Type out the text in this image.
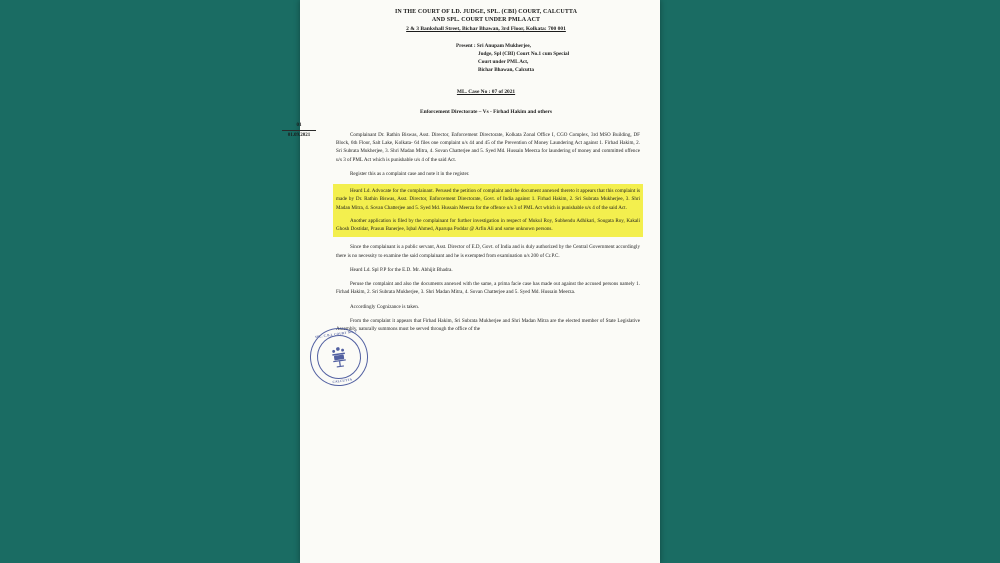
IN THE COURT OF LD. JUDGE, SPL. (CBI) COURT, CALCUTTA
AND SPL. COURT UNDER PMLA ACT
2 & 3 Bankshall Street, Bichar Bhawan, 3rd Floor, Kolkata: 700 001
Present : Sri Anupam Mukherjee,
Judge, Spl (CBI) Court No.1 cum Special
Court under PML Act,
Bichar Bhawan, Calcutta
ML. Case No : 07 of 2021
Enforcement Directorate – Vs - Firhad Hakim and others
01
01.09.2021	Complainant Dr. Rathin Biswas, Asst. Director, Enforcement Directorate, Kolkata Zonal Office I, CGO Complex, 3rd MSO Building, DF Block, 6th Floor, Salt Lake, Kolkata- 64 files one complaint u/s 44 and 45 of the Prevention of Money Laundering Act against 1. Firhad Hakim, 2. Sri Subrata Mukherjee, 3. Shri Madan Mitra, 4. Sovan Chatterjee and 5. Syed Md. Hussain Meerza for laundering of money and committed offence u/s 3 of PML Act which is punishable u/s 4 of the said Act.

Register this as a complaint case and note it in the register.

Heard Ld. Advocate for the complainant. Perused the petition of complaint and the document annexed thereto it appears that this complaint is made by Dr. Rathin Biswas, Asst. Director, Enforcement Directorate, Govt. of India against 1. Firhad Hakim, 2. Sri Subrata Mukherjee, 3. Shri Madan Mitra, 4. Sovan Chatterjee and 5. Syed Md. Hussain Meerza for the offence u/s 3 of PML Act which is punishable u/s 4 of the said Act.

Another application is filed by the complainant for further investigation in respect of Mukul Roy, Subhendu Adhikari, Sougata Roy, Kakali Ghosh Dostidar, Prasun Banerjee, Iqbal Ahmed, Aparupa Poddar @ Arfin Ali and some unknown persons.

Since the complainant is a public servant, Asst. Director of E.D, Govt. of India and is duly authorized by the Central Government accordingly there is no necessity to examine the said complainant and he is exempted from examination u/s 200 of Cr.P.C.

Heard Ld. Spl P.P for the E.D. Mr. Abhijit Bhadra.

Peruse the complaint and also the documents annexed with the same, a prima facie case has made out against the accused persons namely 1. Firhad Hakim, 2. Sri Subrata Mukherjee, 3. Shri Madan Mitra, 4. Sovan Chatterjee and 5. Syed Md. Hussain Meerza.

Accordingly Cognizance is taken.

From the complaint it appears that Firhad Hakim, Sri Subrata Mukherjee and Shri Madan Mitra are the elected member of State Legislative Assembly, naturally summons must be served through the office of the

SPL. C.B.I. COURT NO. I
CALCUTTA
